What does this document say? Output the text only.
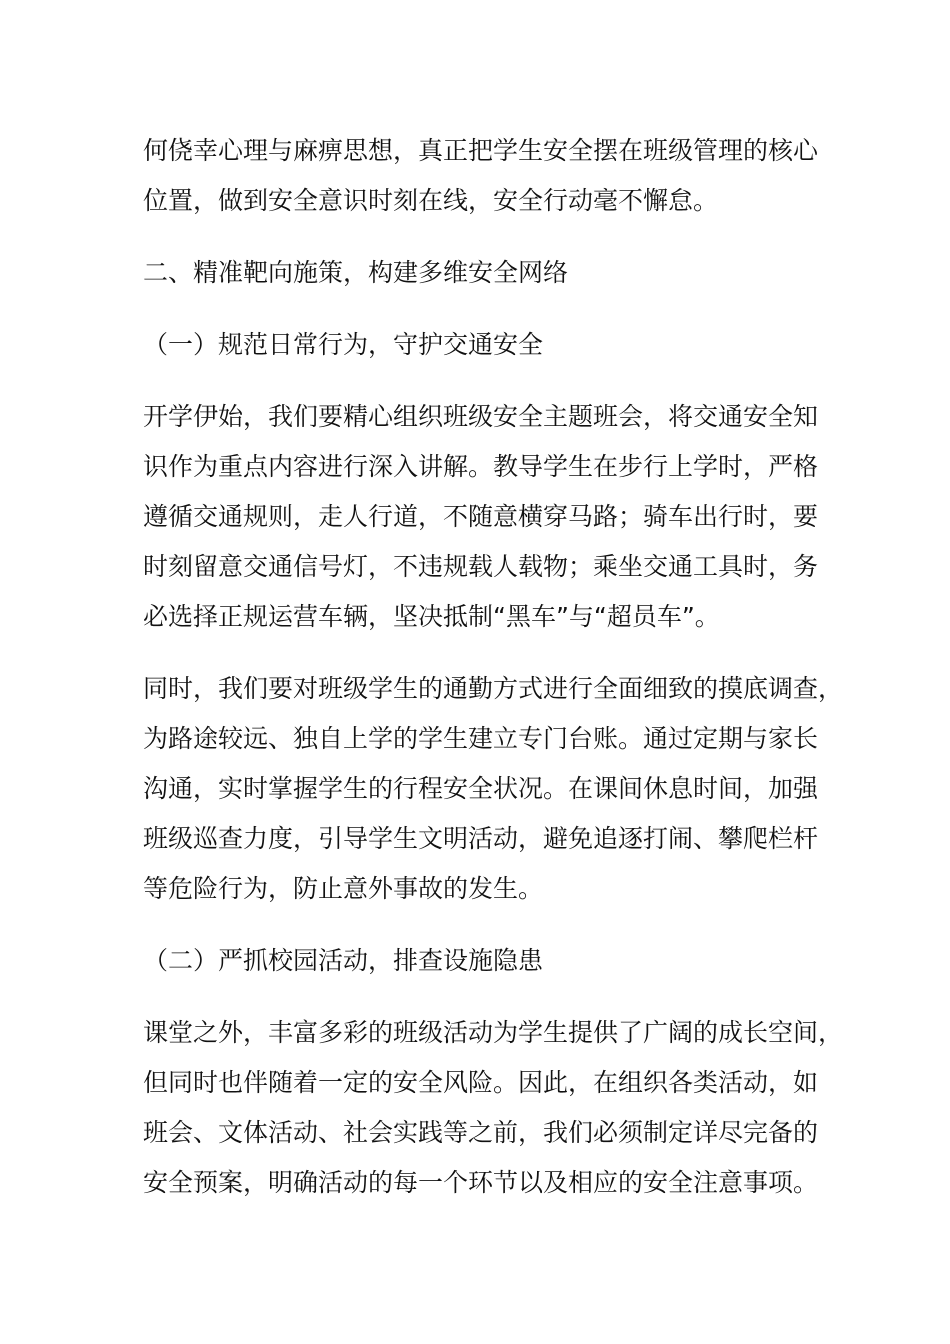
何侥幸心理与麻痹思想，真正把学生安全摆在班级管理的核心
位置，做到安全意识时刻在线，安全行动毫不懈怠。
二、精准靶向施策，构建多维安全网络
（一）规范日常行为，守护交通安全
开学伊始，我们要精心组织班级安全主题班会，将交通安全知
识作为重点内容进行深入讲解。教导学生在步行上学时，严格
遵循交通规则，走人行道，不随意横穿马路；骑车出行时，要
时刻留意交通信号灯，不违规载人载物；乘坐交通工具时，务
必选择正规运营车辆，坚决抵制“黑车”与“超员车”。
同时，我们要对班级学生的通勤方式进行全面细致的摸底调查，
为路途较远、独自上学的学生建立专门台账。通过定期与家长
沟通，实时掌握学生的行程安全状况。在课间休息时间，加强
班级巡查力度，引导学生文明活动，避免追逐打闹、攀爬栏杆
等危险行为，防止意外事故的发生。
（二）严抓校园活动，排查设施隐患
课堂之外，丰富多彩的班级活动为学生提供了广阔的成长空间，
但同时也伴随着一定的安全风险。因此，在组织各类活动，如
班会、文体活动、社会实践等之前，我们必须制定详尽完备的
安全预案，明确活动的每一个环节以及相应的安全注意事项。
